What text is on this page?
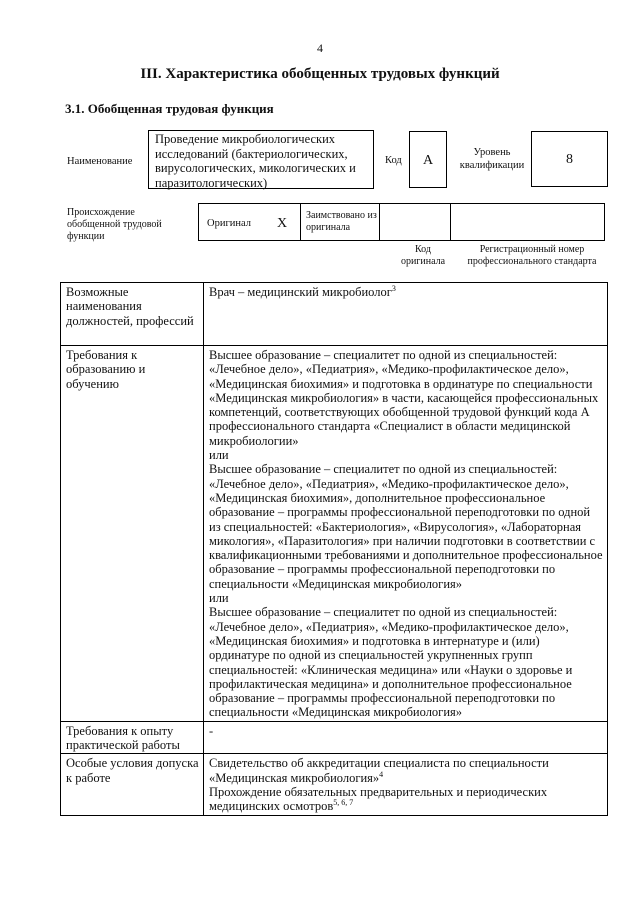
4
III. Характеристика обобщенных трудовых функций
3.1. Обобщенная трудовая функция
Наименование
Проведение микробиологических исследований (бактериологических, вирусологических, микологических и паразитологических)
Код	А
Уровень квалификации	8
Происхождение обобщенной трудовой функции
Оригинал X
Заимствовано из оригинала
Код оригинала
Регистрационный номер профессионального стандарта
Возможные наименования должностей, профессий	Врач – медицинский микробиолог$^3$
Требования к образованию и обучению	Высшее образование – специалитет по одной из специальностей: «Лечебное дело», «Педиатрия», «Медико-профилактическое дело», «Медицинская биохимия» и подготовка в ординатуре по специальности «Медицинская микробиология» в части, касающейся профессиональных компетенций, соответствующих обобщенной трудовой функций кода А профессионального стандарта «Специалист в области медицинской микробиологии»

или

Высшее образование – специалитет по одной из специальностей: «Лечебное дело», «Педиатрия», «Медико-профилактическое дело», «Медицинская биохимия», дополнительное профессиональное образование – программы профессиональной переподготовки по одной из специальностей: «Бактериология», «Вирусология», «Лабораторная микология», «Паразитология» при наличии подготовки в соответствии с квалификационными требованиями и дополнительное профессиональное образование – программы профессиональной переподготовки по специальности «Медицинская микробиология»

или

Высшее образование – специалитет по одной из специальностей: «Лечебное дело», «Педиатрия», «Медико-профилактическое дело», «Медицинская биохимия» и подготовка в интернатуре и (или) ординатуре по одной из специальностей укрупненных групп специальностей: «Клиническая медицина» или «Науки о здоровье и профилактическая медицина» и дополнительное профессиональное образование – программы профессиональной переподготовки по специальности «Медицинская микробиология»

Требования к опыту практической работы	-
Особые условия допуска к работе	Свидетельство об аккредитации специалиста по специальности «Медицинская микробиология»$^4$

Прохождение обязательных предварительных и периодических медицинских осмотров$^{5, 6, 7}$
